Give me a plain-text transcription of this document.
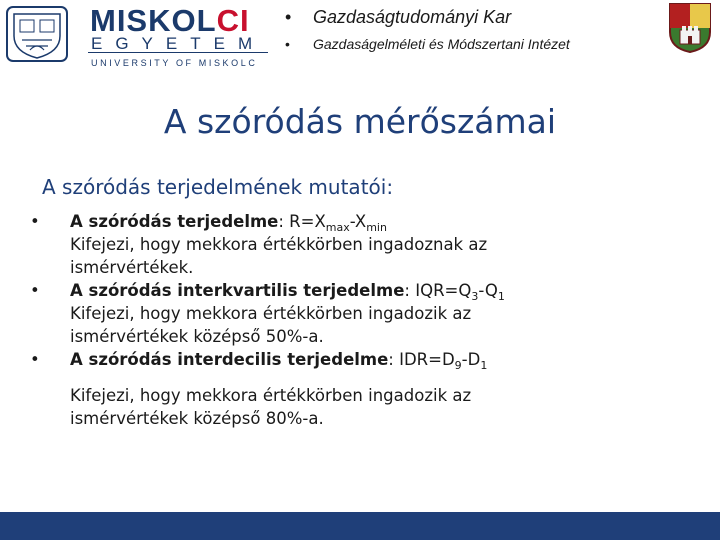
MISKOLCI
EGYETEM
UNIVERSITY OF MISKOLC
• Gazdaságtudományi Kar
• Gazdaságelméleti és Módszertani Intézet
A szóródás mérőszámai
A szóródás terjedelmének mutatói:
• A szóródás terjedelme: $R=X_{max}-X_{min}$

Kifejezi, hogy mekkora értékkörben ingadoznak az ismérvértékek.

• A szóródás interkvartilis terjedelme: $IQR=Q_3-Q_1$

Kifejezi, hogy mekkora értékkörben ingadozik az ismérvértékek középső 50%-a.

• A szóródás interdecilis terjedelme: $IDR=D_9-D_1$

Kifejezi, hogy mekkora értékkörben ingadozik az ismérvértékek középső 80%-a.
